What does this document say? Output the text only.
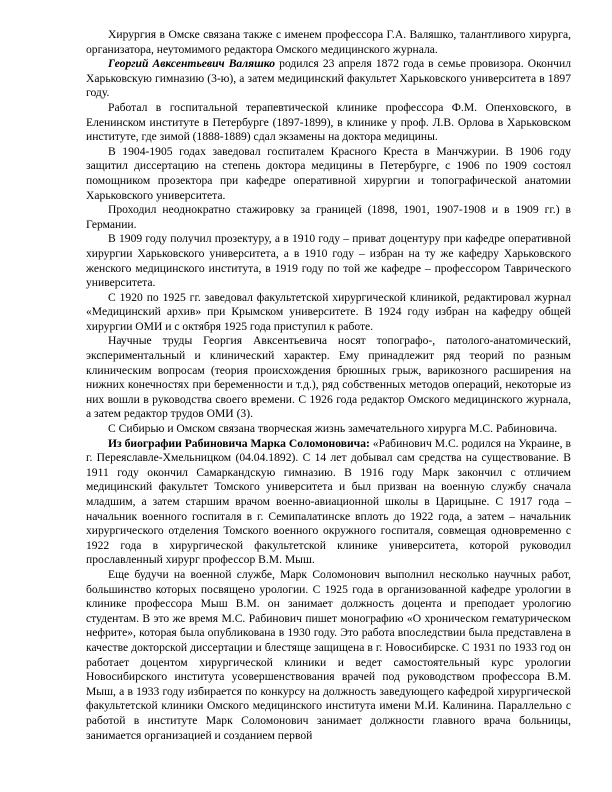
Хирургия в Омске связана также с именем профессора Г.А. Валяшко, талантливого хирурга, организатора, неутомимого редактора Омского медицинского журнала.

Георгий Авксентьевич Валяшко родился 23 апреля 1872 года в семье провизора. Окончил Харьковскую гимназию (3-ю), а затем медицинский факультет Харьковского университета в 1897 году.

Работал в госпитальной терапевтической клинике профессора Ф.М. Опенховского, в Еленинском институте в Петербурге (1897-1899), в клинике у проф. Л.В. Орлова в Харьковском институте, где зимой (1888-1889) сдал экзамены на доктора медицины.

В 1904-1905 годах заведовал госпиталем Красного Креста в Манчжурии. В 1906 году защитил диссертацию на степень доктора медицины в Петербурге, с 1906 по 1909 состоял помощником прозектора при кафедре оперативной хирургии и топографической анатомии Харьковского университета.

Проходил неоднократно стажировку за границей (1898, 1901, 1907-1908 и в 1909 гг.) в Германии.

В 1909 году получил прозектуру, а в 1910 году – приват доцентуру при кафедре оперативной хирургии Харьковского университета, а в 1910 году – избран на ту же кафедру Харьковского женского медицинского института, в 1919 году по той же кафедре – профессором Таврического университета.

С 1920 по 1925 гг. заведовал факультетской хирургической клиникой, редактировал журнал «Медицинский архив» при Крымском университете. В 1924 году избран на кафедру общей хирургии ОМИ и с октября 1925 года приступил к работе.

Научные труды Георгия Авксентьевича носят топографо-, патолого-анатомический, экспериментальный и клинический характер. Ему принадлежит ряд теорий по разным клиническим вопросам (теория происхождения брюшных грыж, варикозного расширения на нижних конечностях при беременности и т.д.), ряд собственных методов операций, некоторые из них вошли в руководства своего времени. С 1926 года редактор Омского медицинского журнала, а затем редактор трудов ОМИ (3).

С Сибирью и Омском связана творческая жизнь замечательного хирурга М.С. Рабиновича.

Из биографии Рабиновича Марка Соломоновича: «Рабинович М.С. родился на Украине, в г. Переяславле-Хмельницком (04.04.1892). С 14 лет добывал сам средства на существование. В 1911 году окончил Самаркандскую гимназию. В 1916 году Марк закончил с отличием медицинский факультет Томского университета и был призван на военную службу сначала младшим, а затем старшим врачом военно-авиационной школы в Царицыне. С 1917 года – начальник военного госпиталя в г. Семипалатинске вплоть до 1922 года, а затем – начальник хирургического отделения Томского военного окружного госпиталя, совмещая одновременно с 1922 года в хирургической факультетской клинике университета, которой руководил прославленный хирург профессор В.М. Мыш.

Еще будучи на военной службе, Марк Соломонович выполнил несколько научных работ, большинство которых посвящено урологии. С 1925 года в организованной кафедре урологии в клинике профессора Мыш В.М. он занимает должность доцента и преподает урологию студентам. В это же время М.С. Рабинович пишет монографию «О хроническом гематурическом нефрите», которая была опубликована в 1930 году. Это работа впоследствии была представлена в качестве докторской диссертации и блестяще защищена в г. Новосибирске. С 1931 по 1933 год он работает доцентом хирургической клиники и ведет самостоятельный курс урологии Новосибирского института усовершенствования врачей под руководством профессора В.М. Мыш, а в 1933 году избирается по конкурсу на должность заведующего кафедрой хирургической факультетской клиники Омского медицинского института имени М.И. Калинина. Параллельно с работой в институте Марк Соломонович занимает должности главного врача больницы, занимается организацией и созданием первой
